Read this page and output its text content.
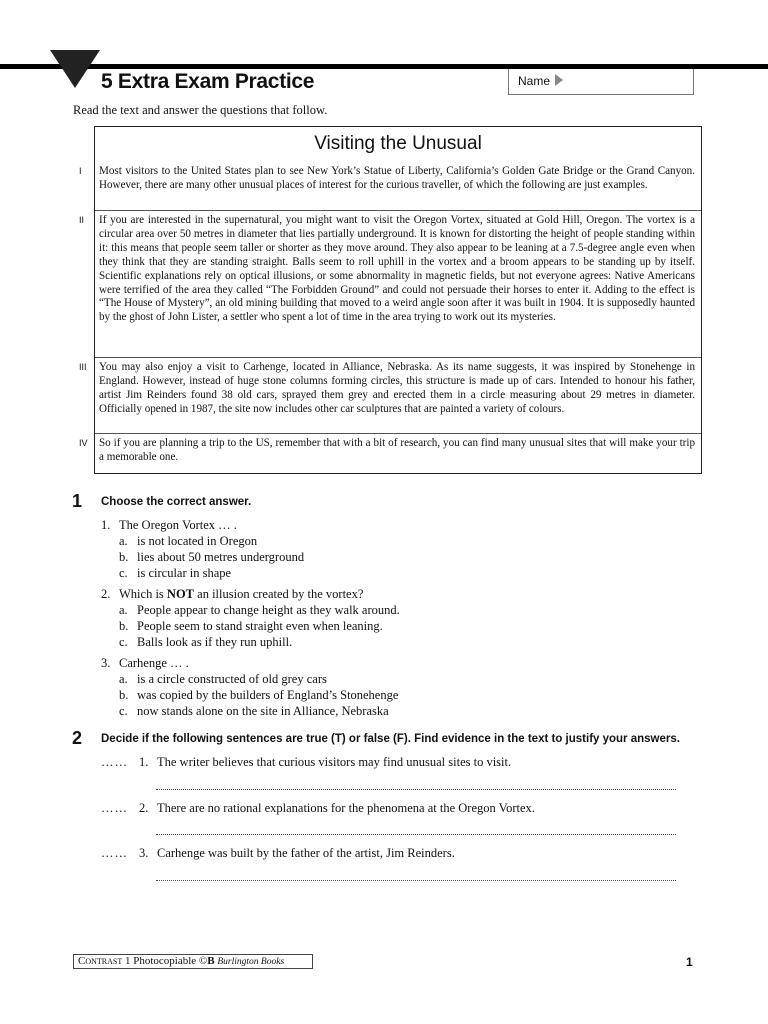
5 Extra Exam Practice	Name
Read the text and answer the questions that follow.
Visiting the Unusual
I Most visitors to the United States plan to see New York’s Statue of Liberty, California’s Golden Gate Bridge or the Grand Canyon. However, there are many other unusual places of interest for the curious traveller, of which the following are just examples.
II If you are interested in the supernatural, you might want to visit the Oregon Vortex, situated at Gold Hill, Oregon. The vortex is a circular area over 50 metres in diameter that lies partially underground. It is known for distorting the height of people standing within it: this means that people seem taller or shorter as they move around. They also appear to be leaning at a 7.5-degree angle even when they think that they are standing straight. Balls seem to roll uphill in the vortex and a broom appears to be standing up by itself. Scientific explanations rely on optical illusions, or some abnormality in magnetic fields, but not everyone agrees: Native Americans were terrified of the area they called “The Forbidden Ground” and could not persuade their horses to enter it. Adding to the effect is “The House of Mystery”, an old mining building that moved to a weird angle soon after it was built in 1904. It is supposedly haunted by the ghost of John Lister, a settler who spent a lot of time in the area trying to work out its mysteries.
III You may also enjoy a visit to Carhenge, located in Alliance, Nebraska. As its name suggests, it was inspired by Stonehenge in England. However, instead of huge stone columns forming circles, this structure is made up of cars. Intended to honour his father, artist Jim Reinders found 38 old cars, sprayed them grey and erected them in a circle measuring about 29 metres in diameter. Officially opened in 1987, the site now includes other car sculptures that are painted a variety of colours.
IV So if you are planning a trip to the US, remember that with a bit of research, you can find many unusual sites that will make your trip a memorable one.
1 Choose the correct answer.
1. The Oregon Vortex … .
a. is not located in Oregon
b. lies about 50 metres underground
c. is circular in shape
2. Which is NOT an illusion created by the vortex?
a. People appear to change height as they walk around.
b. People seem to stand straight even when leaning.
c. Balls look as if they run uphill.
3. Carhenge … .
a. is a circle constructed of old grey cars
b. was copied by the builders of England’s Stonehenge
c. now stands alone on the site in Alliance, Nebraska
2 Decide if the following sentences are true (T) or false (F). Find evidence in the text to justify your answers.
…… 1. The writer believes that curious visitors may find unusual sites to visit.
…… 2. There are no rational explanations for the phenomena at the Oregon Vortex.
…… 3. Carhenge was built by the father of the artist, Jim Reinders.
Contrast 1 Photocopiable ©B Burlington Books	1
